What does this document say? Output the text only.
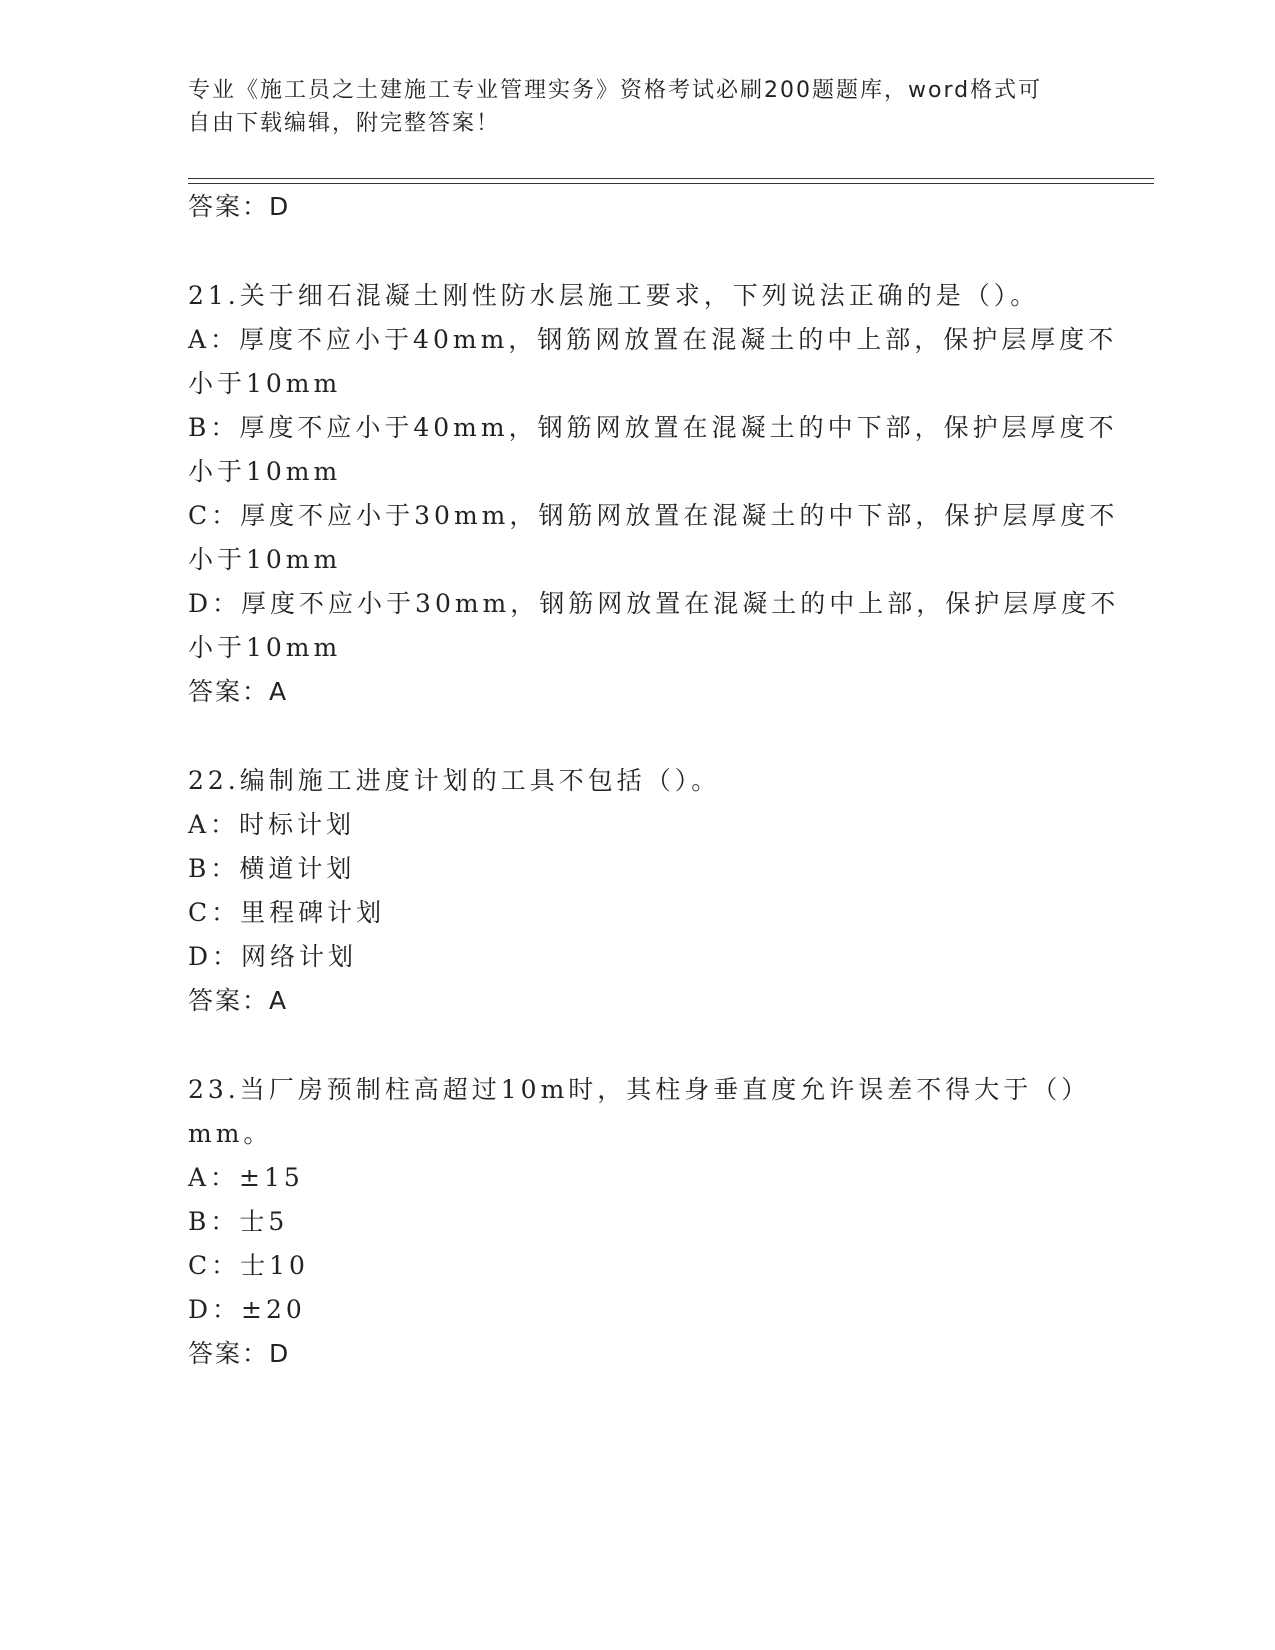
专业《施工员之土建施工专业管理实务》资格考试必刷200题题库，word格式可
自由下载编辑，附完整答案！
答案：D
21.关于细石混凝土刚性防水层施工要求，下列说法正确的是（）。
A：厚度不应小于40mm，钢筋网放置在混凝土的中上部，保护层厚度不
小于10mm
B：厚度不应小于40mm，钢筋网放置在混凝土的中下部，保护层厚度不
小于10mm
C：厚度不应小于30mm，钢筋网放置在混凝土的中下部，保护层厚度不
小于10mm
D：厚度不应小于30mm，钢筋网放置在混凝土的中上部，保护层厚度不
小于10mm
答案：A
22.编制施工进度计划的工具不包括（）。
A：时标计划
B：横道计划
C：里程碑计划
D：网络计划
答案：A
23.当厂房预制柱高超过10m时，其柱身垂直度允许误差不得大于（）
mm。
A：±15
B：士5
C：士10
D：±20
答案：D
